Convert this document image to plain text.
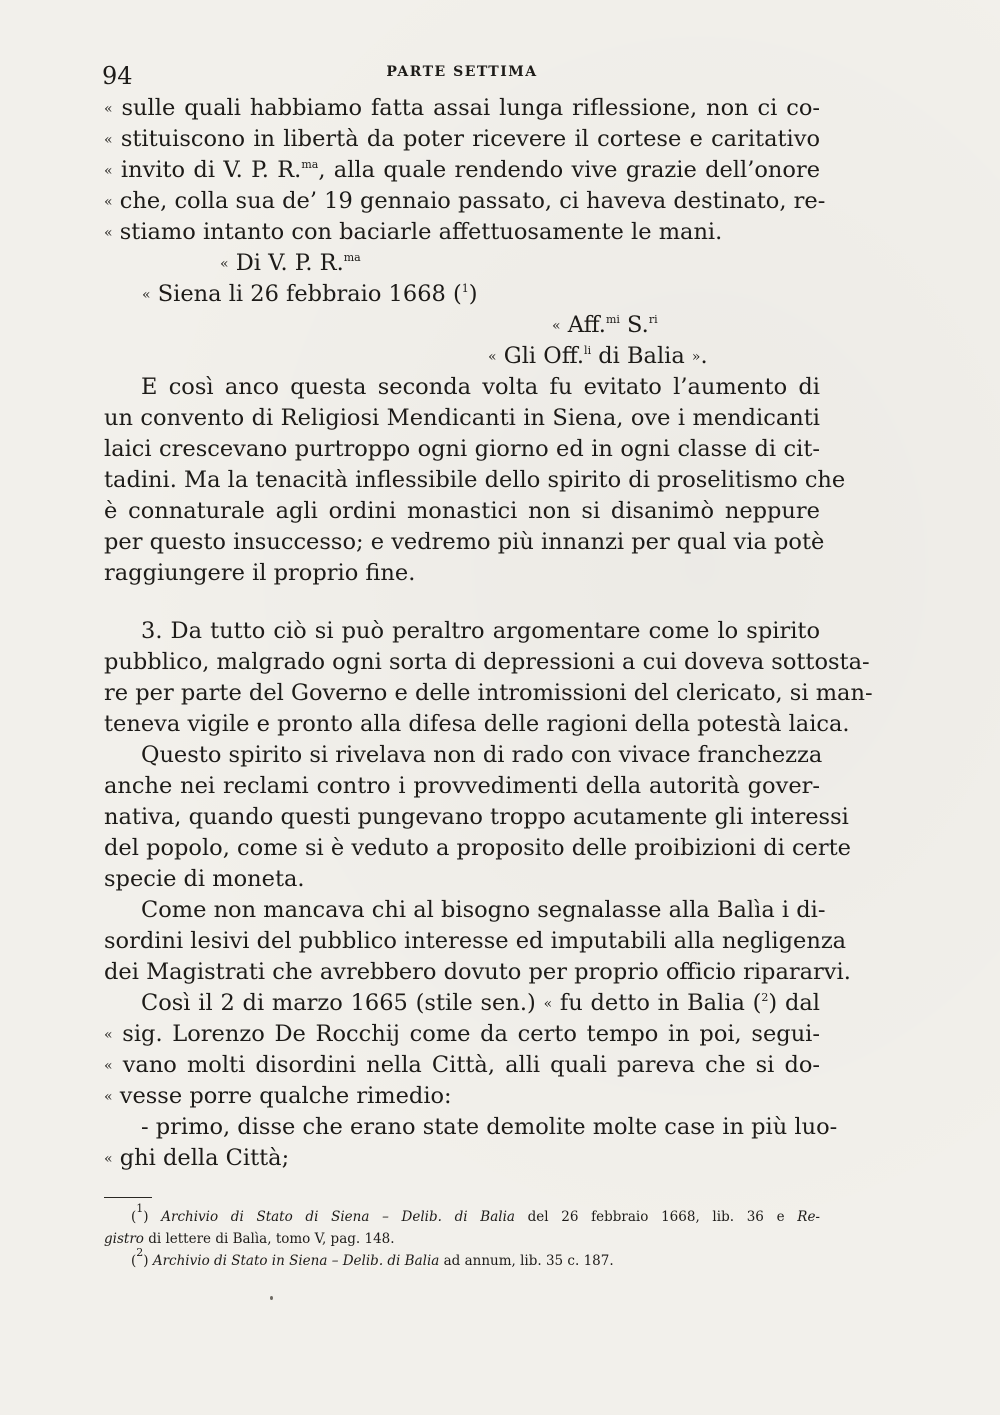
94	PARTE SETTIMA
« sulle quali habbiamo fatta assai lunga riflessione, non ci co-
« stituiscono in libertà da poter ricevere il cortese e caritativo
« invito di V. P. R.$^{ma}$, alla quale rendendo vive grazie dell’onore
« che, colla sua de’ 19 gennaio passato, ci haveva destinato, re-
« stiamo intanto con baciarle affettuosamente le mani.
« Di V. P. R.$^{ma}$
« Siena li 26 febbraio 1668 ($^1$)
« Aff.$^{mi}$ S.$^{ri}$
« Gli Off.$^{li}$ di Balia ».
E così anco questa seconda volta fu evitato l’aumento di
un convento di Religiosi Mendicanti in Siena, ove i mendicanti
laici crescevano purtroppo ogni giorno ed in ogni classe di cit-
tadini. Ma la tenacità inflessibile dello spirito di proselitismo che
è connaturale agli ordini monastici non si disanimò neppure
per questo insuccesso; e vedremo più innanzi per qual via potè
raggiungere il proprio fine.
3. Da tutto ciò si può peraltro argomentare come lo spirito
pubblico, malgrado ogni sorta di depressioni a cui doveva sottosta-
re per parte del Governo e delle intromissioni del clericato, si man-
teneva vigile e pronto alla difesa delle ragioni della potestà laica.
Questo spirito si rivelava non di rado con vivace franchezza
anche nei reclami contro i provvedimenti della autorità gover-
nativa, quando questi pungevano troppo acutamente gli interessi
del popolo, come si è veduto a proposito delle proibizioni di certe
specie di moneta.
Come non mancava chi al bisogno segnalasse alla Balìa i di-
sordini lesivi del pubblico interesse ed imputabili alla negligenza
dei Magistrati che avrebbero dovuto per proprio officio ripararvi.
Così il 2 di marzo 1665 (stile sen.) « fu detto in Balia ($^2$) dal
« sig. Lorenzo De Rocchij come da certo tempo in poi, segui-
« vano molti disordini nella Città, alli quali pareva che si do-
« vesse porre qualche rimedio:
- primo, disse che erano state demolite molte case in più luo-
« ghi della Città;
($^1$) Archivio di Stato di Siena – Delib. di Balia del 26 febbraio 1668, lib. 36 e Re-
gistro di lettere di Balìa, tomo V, pag. 148.
($^2$) Archivio di Stato in Siena – Delib. di Balia ad annum, lib. 35 c. 187.
